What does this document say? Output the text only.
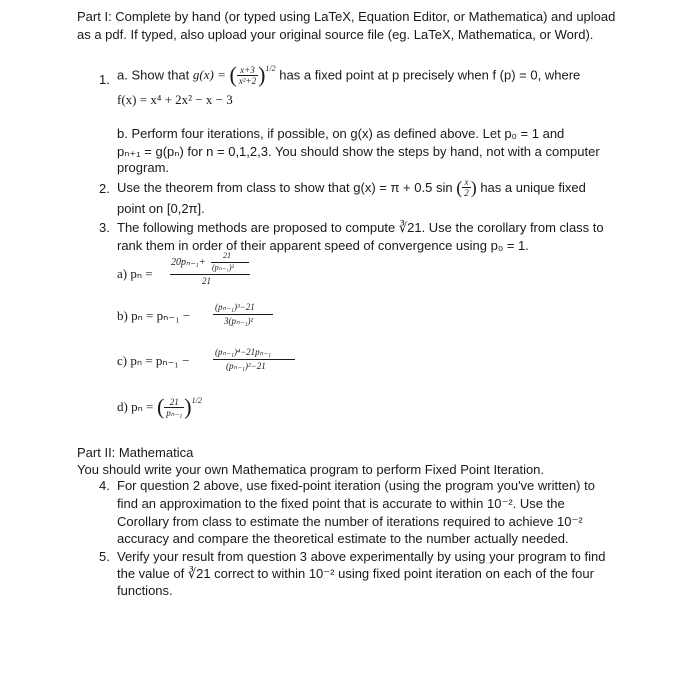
Part I: Complete by hand (or typed using LaTeX, Equation Editor, or Mathematica) and upload
as a pdf. If typed, also upload your original source file (eg. LaTeX, Mathematica, or Word).
1. a. Show that g(x) = ( $\frac{x+3}{\text{x²+2}} )^{1/2}$ has a fixed point at p precisely when f (p) = 0, where
f(x) = x⁴ + 2x² − x − 3
b. Perform four iterations, if possible, on g(x) as defined above. Let p₀ = 1 and
pₙ₊₁ = g(pₙ) for n = 0,1,2,3. You should show the steps by hand, not with a computer
program.
2. Use the theorem from class to show that g(x) = π + 0.5 sin ( $\frac{x}{2}$ ) has a unique fixed
point on [0,2π].
3. The following methods are proposed to compute ∛21. Use the corollary from class to
rank them in order of their apparent speed of convergence using p₀ = 1.
a) pₙ =
21
20pₙ₋₁+ (pₙ₋₁)²
21
b) pₙ = pₙ₋₁ −
(pₙ₋₁)³−21
3(pₙ₋₁)²
c) pₙ = pₙ₋₁ −
(pₙ₋₁)⁴−21pₙ₋₁
(pₙ₋₁)²−21
d) pₙ = ( $\frac{21}{\text{pₙ₋₁}} )^{1/2}$
Part II: Mathematica
You should write your own Mathematica program to perform Fixed Point Iteration.
4. For question 2 above, use fixed-point iteration (using the program you've written) to
find an approximation to the fixed point that is accurate to within 10⁻². Use the
Corollary from class to estimate the number of iterations required to achieve 10⁻²
accuracy and compare the theoretical estimate to the number actually needed.
5. Verify your result from question 3 above experimentally by using your program to find
the value of ∛21 correct to within 10⁻² using fixed point iteration on each of the four
functions.
